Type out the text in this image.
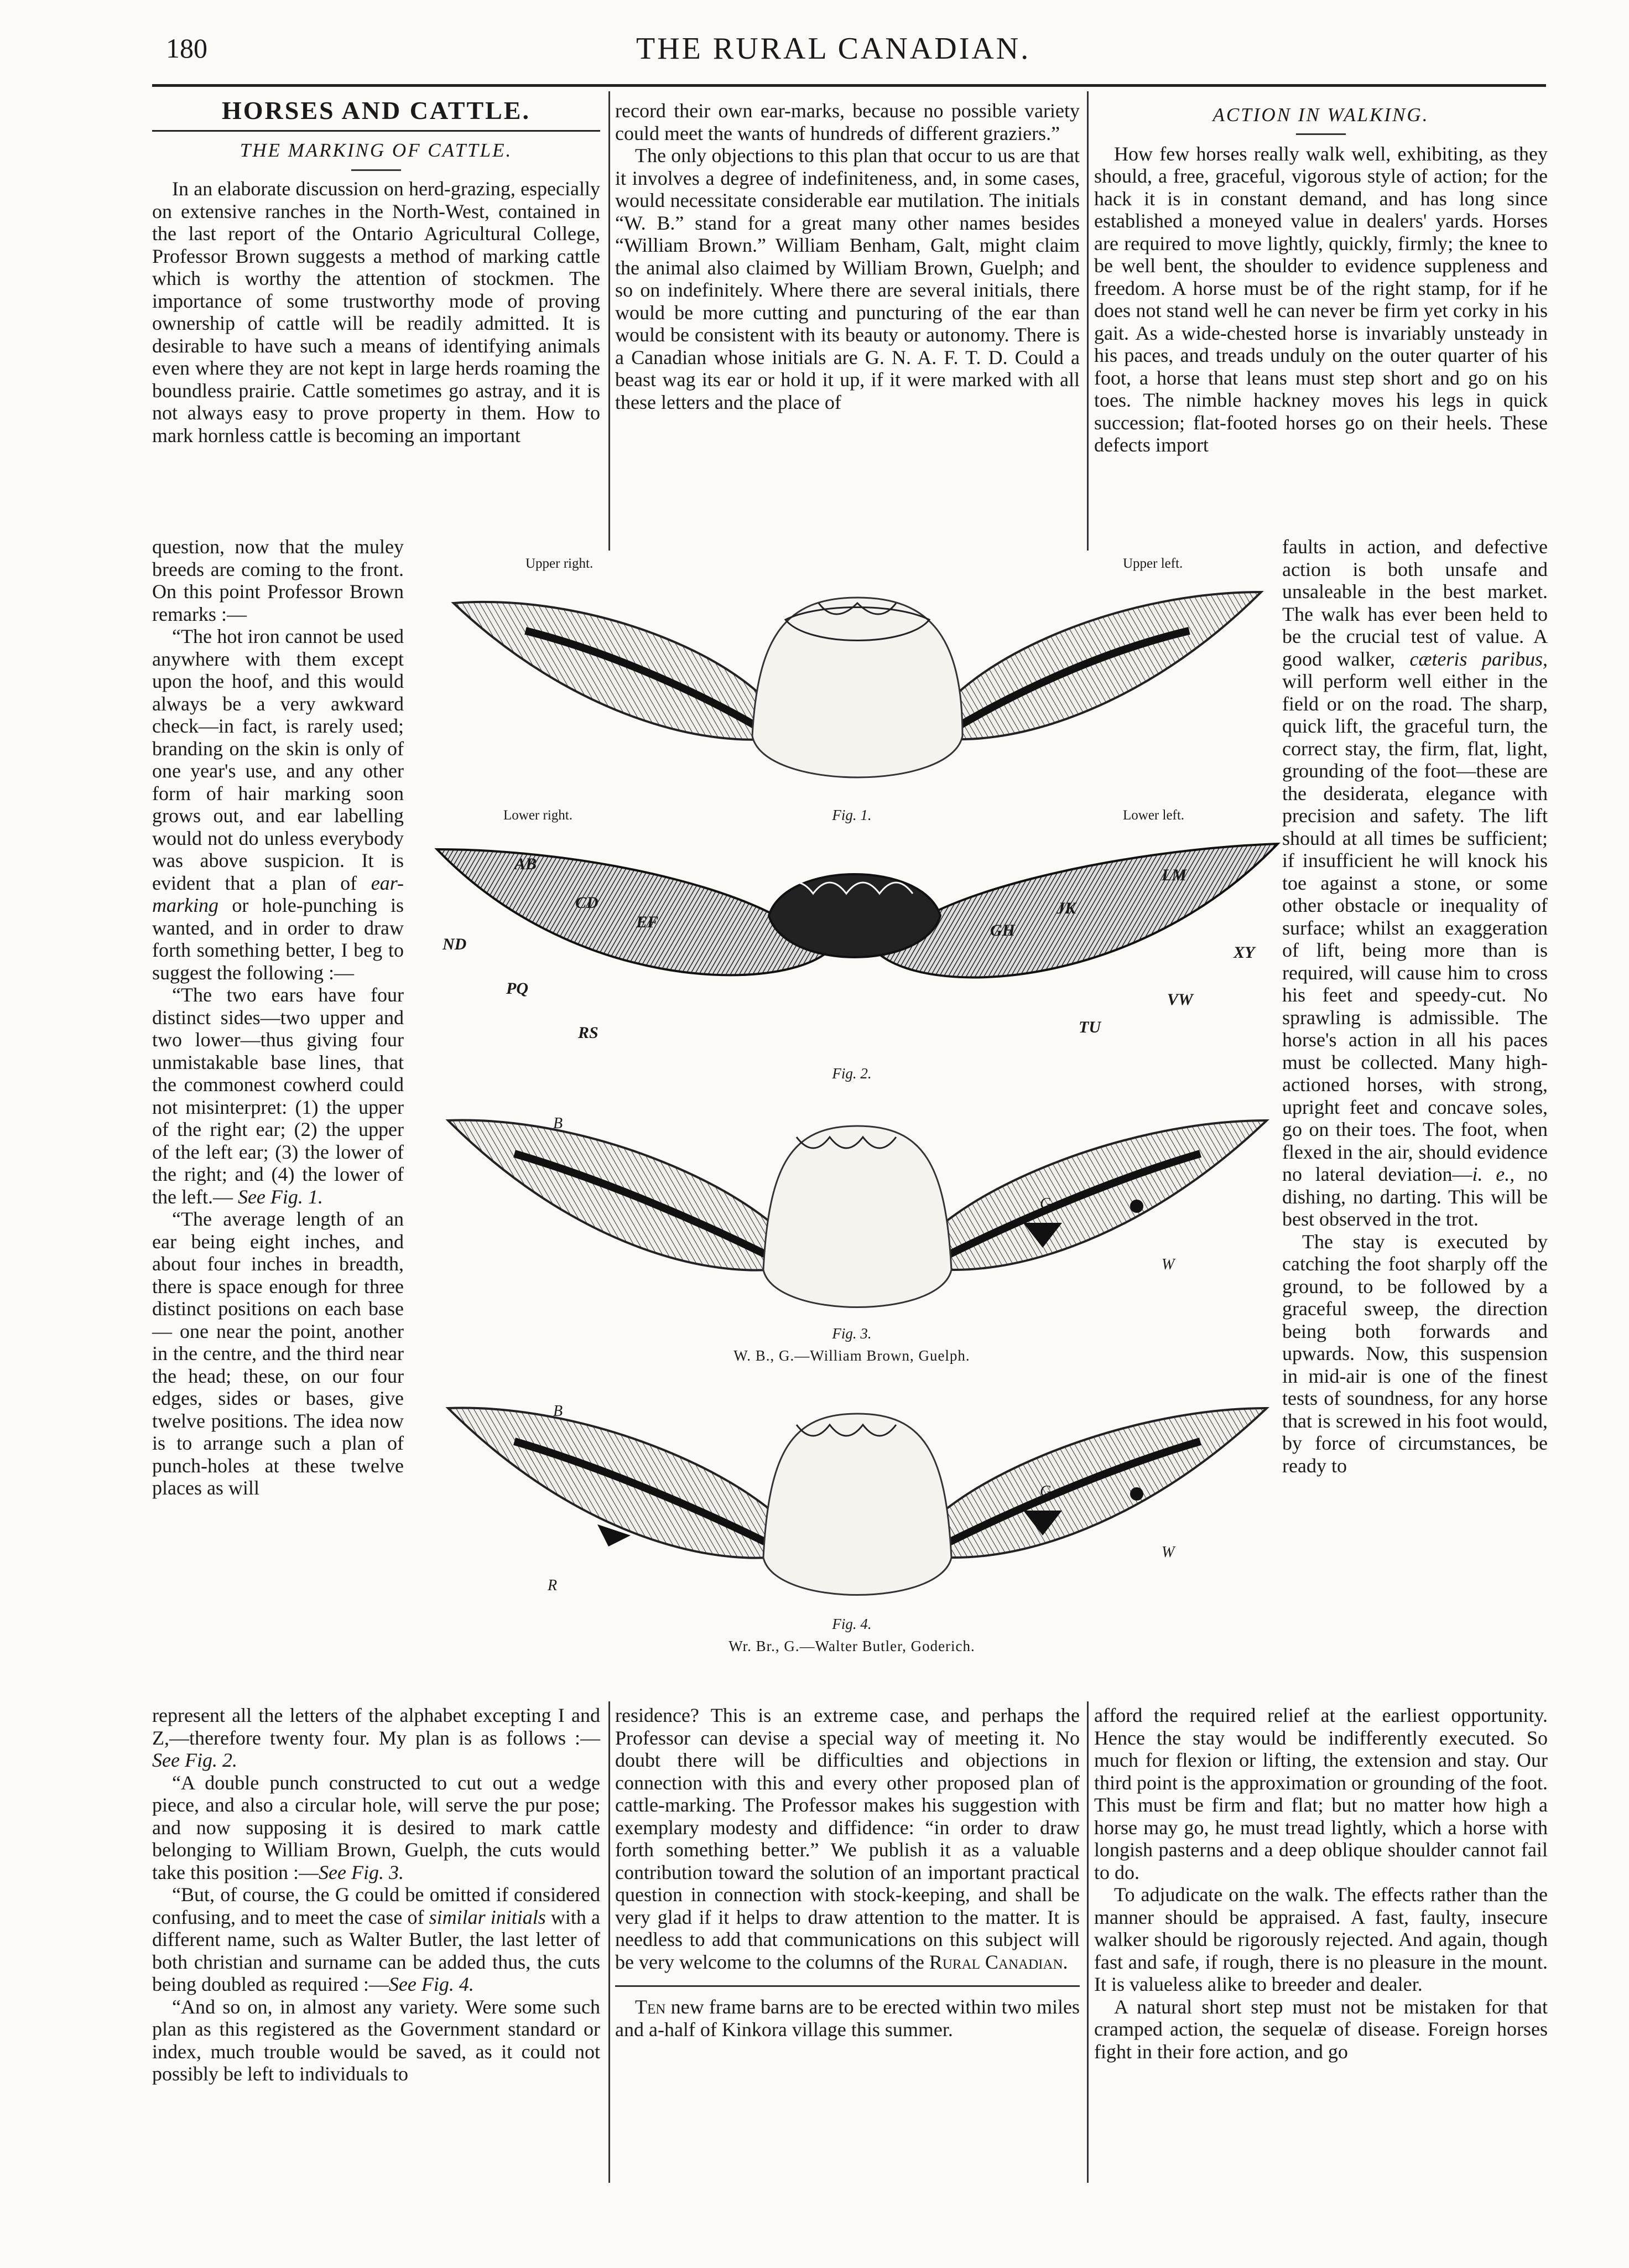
180	THE RURAL CANADIAN.
HORSES AND CATTLE.
THE MARKING OF CATTLE.

In an elaborate discussion on herd-grazing, especially on extensive ranches in the North-West, contained in the last report of the Ontario Agricultural College, Professor Brown suggests a method of marking cattle which is worthy the attention of stockmen. The importance of some trustworthy mode of proving ownership of cattle will be readily admitted. It is desirable to have such a means of identifying animals even where they are not kept in large herds roaming the boundless prairie. Cattle sometimes go astray, and it is not always easy to prove property in them. How to mark hornless cattle is becoming an important

question, now that the muley breeds are coming to the front. On this point Professor Brown remarks :—

“The hot iron cannot be used anywhere with them except upon the hoof, and this would always be a very awkward check—in fact, is rarely used; branding on the skin is only of one year's use, and any other form of hair marking soon grows out, and ear labelling would not do unless everybody was above suspicion. It is evident that a plan of ear-marking or hole-punching is wanted, and in order to draw forth something better, I beg to suggest the following :—

“The two ears have four distinct sides—two upper and two lower—thus giving four unmistakable base lines, that the commonest cowherd could not misinterpret: (1) the upper of the right ear; (2) the upper of the left ear; (3) the lower of the right; and (4) the lower of the left.— See Fig. 1.

“The average length of an ear being eight inches, and about four inches in breadth, there is space enough for three distinct positions on each base — one near the point, another in the centre, and the third near the head; these, on our four edges, sides or bases, give twelve positions. The idea now is to arrange such a plan of punch-holes at these twelve places as will

represent all the letters of the alphabet excepting I and Z,—therefore twenty four. My plan is as follows :— See Fig. 2.

“A double punch constructed to cut out a wedge piece, and also a circular hole, will serve the pur pose; and now supposing it is desired to mark cattle belonging to William Brown, Guelph, the cuts would take this position :—See Fig. 3.

“But, of course, the G could be omitted if considered confusing, and to meet the case of similar initials with a different name, such as Walter Butler, the last letter of both christian and surname can be added thus, the cuts being doubled as required :—See Fig. 4.

“And so on, in almost any variety. Were some such plan as this registered as the Government standard or index, much trouble would be saved, as it could not possibly be left to individuals to

record their own ear-marks, because no possible variety could meet the wants of hundreds of different graziers.”

The only objections to this plan that occur to us are that it involves a degree of indefiniteness, and, in some cases, would necessitate considerable ear mutilation. The initials “W. B.” stand for a great many other names besides “William Brown.” William Benham, Galt, might claim the animal also claimed by William Brown, Guelph; and so on indefinitely. Where there are several initials, there would be more cutting and puncturing of the ear than would be consistent with its beauty or autonomy. There is a Canadian whose initials are G. N. A. F. T. D. Could a beast wag its ear or hold it up, if it were marked with all these letters and the place of

residence? This is an extreme case, and perhaps the Professor can devise a special way of meeting it. No doubt there will be difficulties and objections in connection with this and every other proposed plan of cattle-marking. The Professor makes his suggestion with exemplary modesty and diffidence: “in order to draw forth something better.” We publish it as a valuable contribution toward the solution of an important practical question in connection with stock-keeping, and shall be very glad if it helps to draw attention to the matter. It is needless to add that communications on this subject will be very welcome to the columns of the Rural Canadian.

Ten new frame barns are to be erected within two miles and a-half of Kinkora village this summer.

ACTION IN WALKING.

How few horses really walk well, exhibiting, as they should, a free, graceful, vigorous style of action; for the hack it is in constant demand, and has long since established a moneyed value in dealers' yards. Horses are required to move lightly, quickly, firmly; the knee to be well bent, the shoulder to evidence suppleness and freedom. A horse must be of the right stamp, for if he does not stand well he can never be firm yet corky in his gait. As a wide-chested horse is invariably unsteady in his paces, and treads unduly on the outer quarter of his foot, a horse that leans must step short and go on his toes. The nimble hackney moves his legs in quick succession; flat-footed horses go on their heels. These defects import

faults in action, and defective action is both unsafe and unsaleable in the best market. The walk has ever been held to be the crucial test of value. A good walker, cæteris paribus, will perform well either in the field or on the road. The sharp, quick lift, the graceful turn, the correct stay, the firm, flat, light, grounding of the foot—these are the desiderata, elegance with precision and safety. The lift should at all times be sufficient; if insufficient he will knock his toe against a stone, or some other obstacle or inequality of surface; whilst an exaggeration of lift, being more than is required, will cause him to cross his feet and speedy-cut. No sprawling is admissible. The horse's action in all his paces must be collected. Many high-actioned horses, with strong, upright feet and concave soles, go on their toes. The foot, when flexed in the air, should evidence no lateral deviation—i. e., no dishing, no darting. This will be best observed in the trot.

The stay is executed by catching the foot sharply off the ground, to be followed by a graceful sweep, the direction being both forwards and upwards. Now, this suspension in mid-air is one of the finest tests of soundness, for any horse that is screwed in his foot would, by force of circumstances, be ready to

afford the required relief at the earliest opportunity. Hence the stay would be indifferently executed. So much for flexion or lifting, the extension and stay. Our third point is the approximation or grounding of the foot. This must be firm and flat; but no matter how high a horse may go, he must tread lightly, which a horse with longish pasterns and a deep oblique shoulder cannot fail to do.

To adjudicate on the walk. The effects rather than the manner should be appraised. A fast, faulty, insecure walker should be rigorously rejected. And again, though fast and safe, if rough, there is no pleasure in the mount. It is valueless alike to breeder and dealer.

A natural short step must not be mistaken for that cramped action, the sequelæ of disease. Foreign horses fight in their fore action, and go

Upper right.	Upper left.
Lower right.	Fig. 1.	Lower left.
AB
CD
EF
ND
PQ
RS
GH
JK
LM
XY
VW
TU
Fig. 2.
B
G
W
Fig. 3.
W. B., G.—William Brown, Guelph.
B
R
G
W
Fig. 4.
Wr. Br., G.—Walter Butler, Goderich.
